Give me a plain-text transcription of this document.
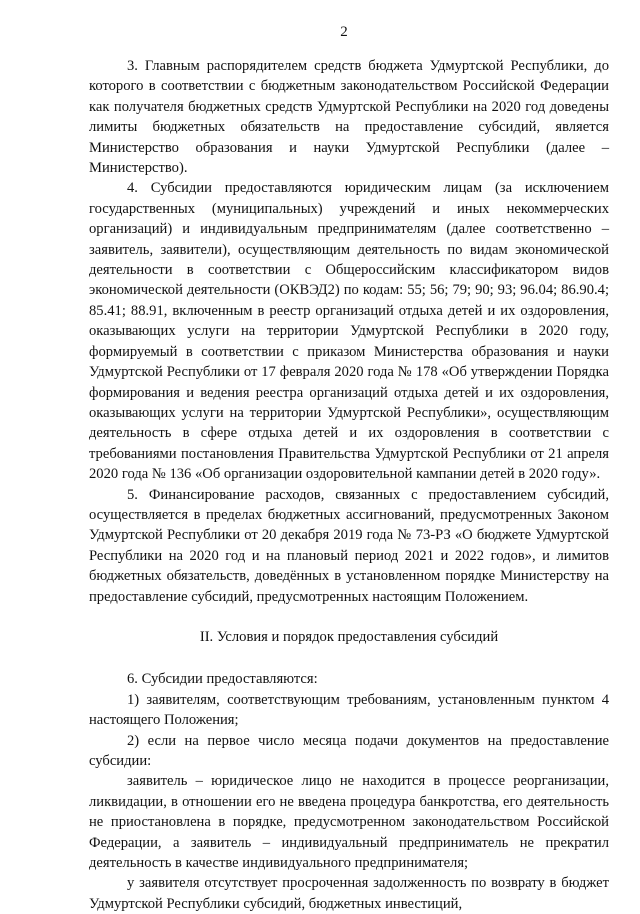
2

3. Главным распорядителем средств бюджета Удмуртской Республики, до которого в соответствии с бюджетным законодательством Российской Федерации как получателя бюджетных средств Удмуртской Республики на 2020 год доведены лимиты бюджетных обязательств на предоставление субсидий, является Министерство образования и науки Удмуртской Республики (далее – Министерство).

4. Субсидии предоставляются юридическим лицам (за исключением государственных (муниципальных) учреждений и иных некоммерческих организаций) и индивидуальным предпринимателям (далее соответственно – заявитель, заявители), осуществляющим деятельность по видам экономической деятельности в соответствии с Общероссийским классификатором видов экономической деятельности (ОКВЭД2) по кодам: 55; 56; 79; 90; 93; 96.04; 86.90.4; 85.41; 88.91, включенным в реестр организаций отдыха детей и их оздоровления, оказывающих услуги на территории Удмуртской Республики в 2020 году, формируемый в соответствии с приказом Министерства образования и науки Удмуртской Республики от 17 февраля 2020 года № 178 «Об утверждении Порядка формирования и ведения реестра организаций отдыха детей и их оздоровления, оказывающих услуги на территории Удмуртской Республики», осуществляющим деятельность в сфере отдыха детей и их оздоровления в соответствии с требованиями постановления Правительства Удмуртской Республики от 21 апреля 2020 года № 136 «Об организации оздоровительной кампании детей в 2020 году».

5. Финансирование расходов, связанных с предоставлением субсидий, осуществляется в пределах бюджетных ассигнований, предусмотренных Законом Удмуртской Республики от 20 декабря 2019 года № 73-РЗ «О бюджете Удмуртской Республики на 2020 год и на плановый период 2021 и 2022 годов», и лимитов бюджетных обязательств, доведённых в установленном порядке Министерству на предоставление субсидий, предусмотренных настоящим Положением.

II. Условия и порядок предоставления субсидий

6. Субсидии предоставляются:

1) заявителям, соответствующим требованиям, установленным пунктом 4 настоящего Положения;

2) если на первое число месяца подачи документов на предоставление субсидии:

заявитель – юридическое лицо не находится в процессе реорганизации, ликвидации, в отношении его не введена процедура банкротства, его деятельность не приостановлена в порядке, предусмотренном законодательством Российской Федерации, а заявитель – индивидуальный предприниматель не прекратил деятельность в качестве индивидуального предпринимателя;

у заявителя отсутствует просроченная задолженность по возврату в бюджет Удмуртской Республики субсидий, бюджетных инвестиций,
